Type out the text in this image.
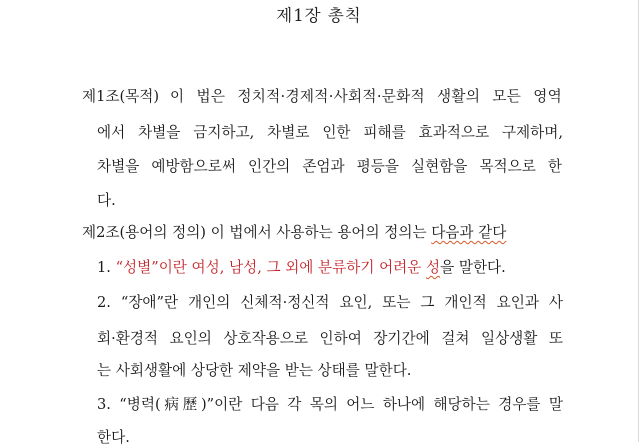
제1장 총칙
제1조(목적) 이 법은 정치적·경제적·사회적·문화적 생활의 모든 영역
에서 차별을 금지하고, 차별로 인한 피해를 효과적으로 구제하며,
차별을 예방함으로써 인간의 존엄과 평등을 실현함을 목적으로 한
다.
제2조(용어의 정의) 이 법에서 사용하는 용어의 정의는 다음과 같다
1. “성별”이란 여성, 남성, 그 외에 분류하기 어려운 성을 말한다.
2. “장애”란 개인의 신체적·정신적 요인, 또는 그 개인적 요인과 사
회·환경적 요인의 상호작용으로 인하여 장기간에 걸쳐 일상생활 또
는 사회생활에 상당한 제약을 받는 상태를 말한다.
3. “병력(病歷)”이란 다음 각 목의 어느 하나에 해당하는 경우를 말
한다.
